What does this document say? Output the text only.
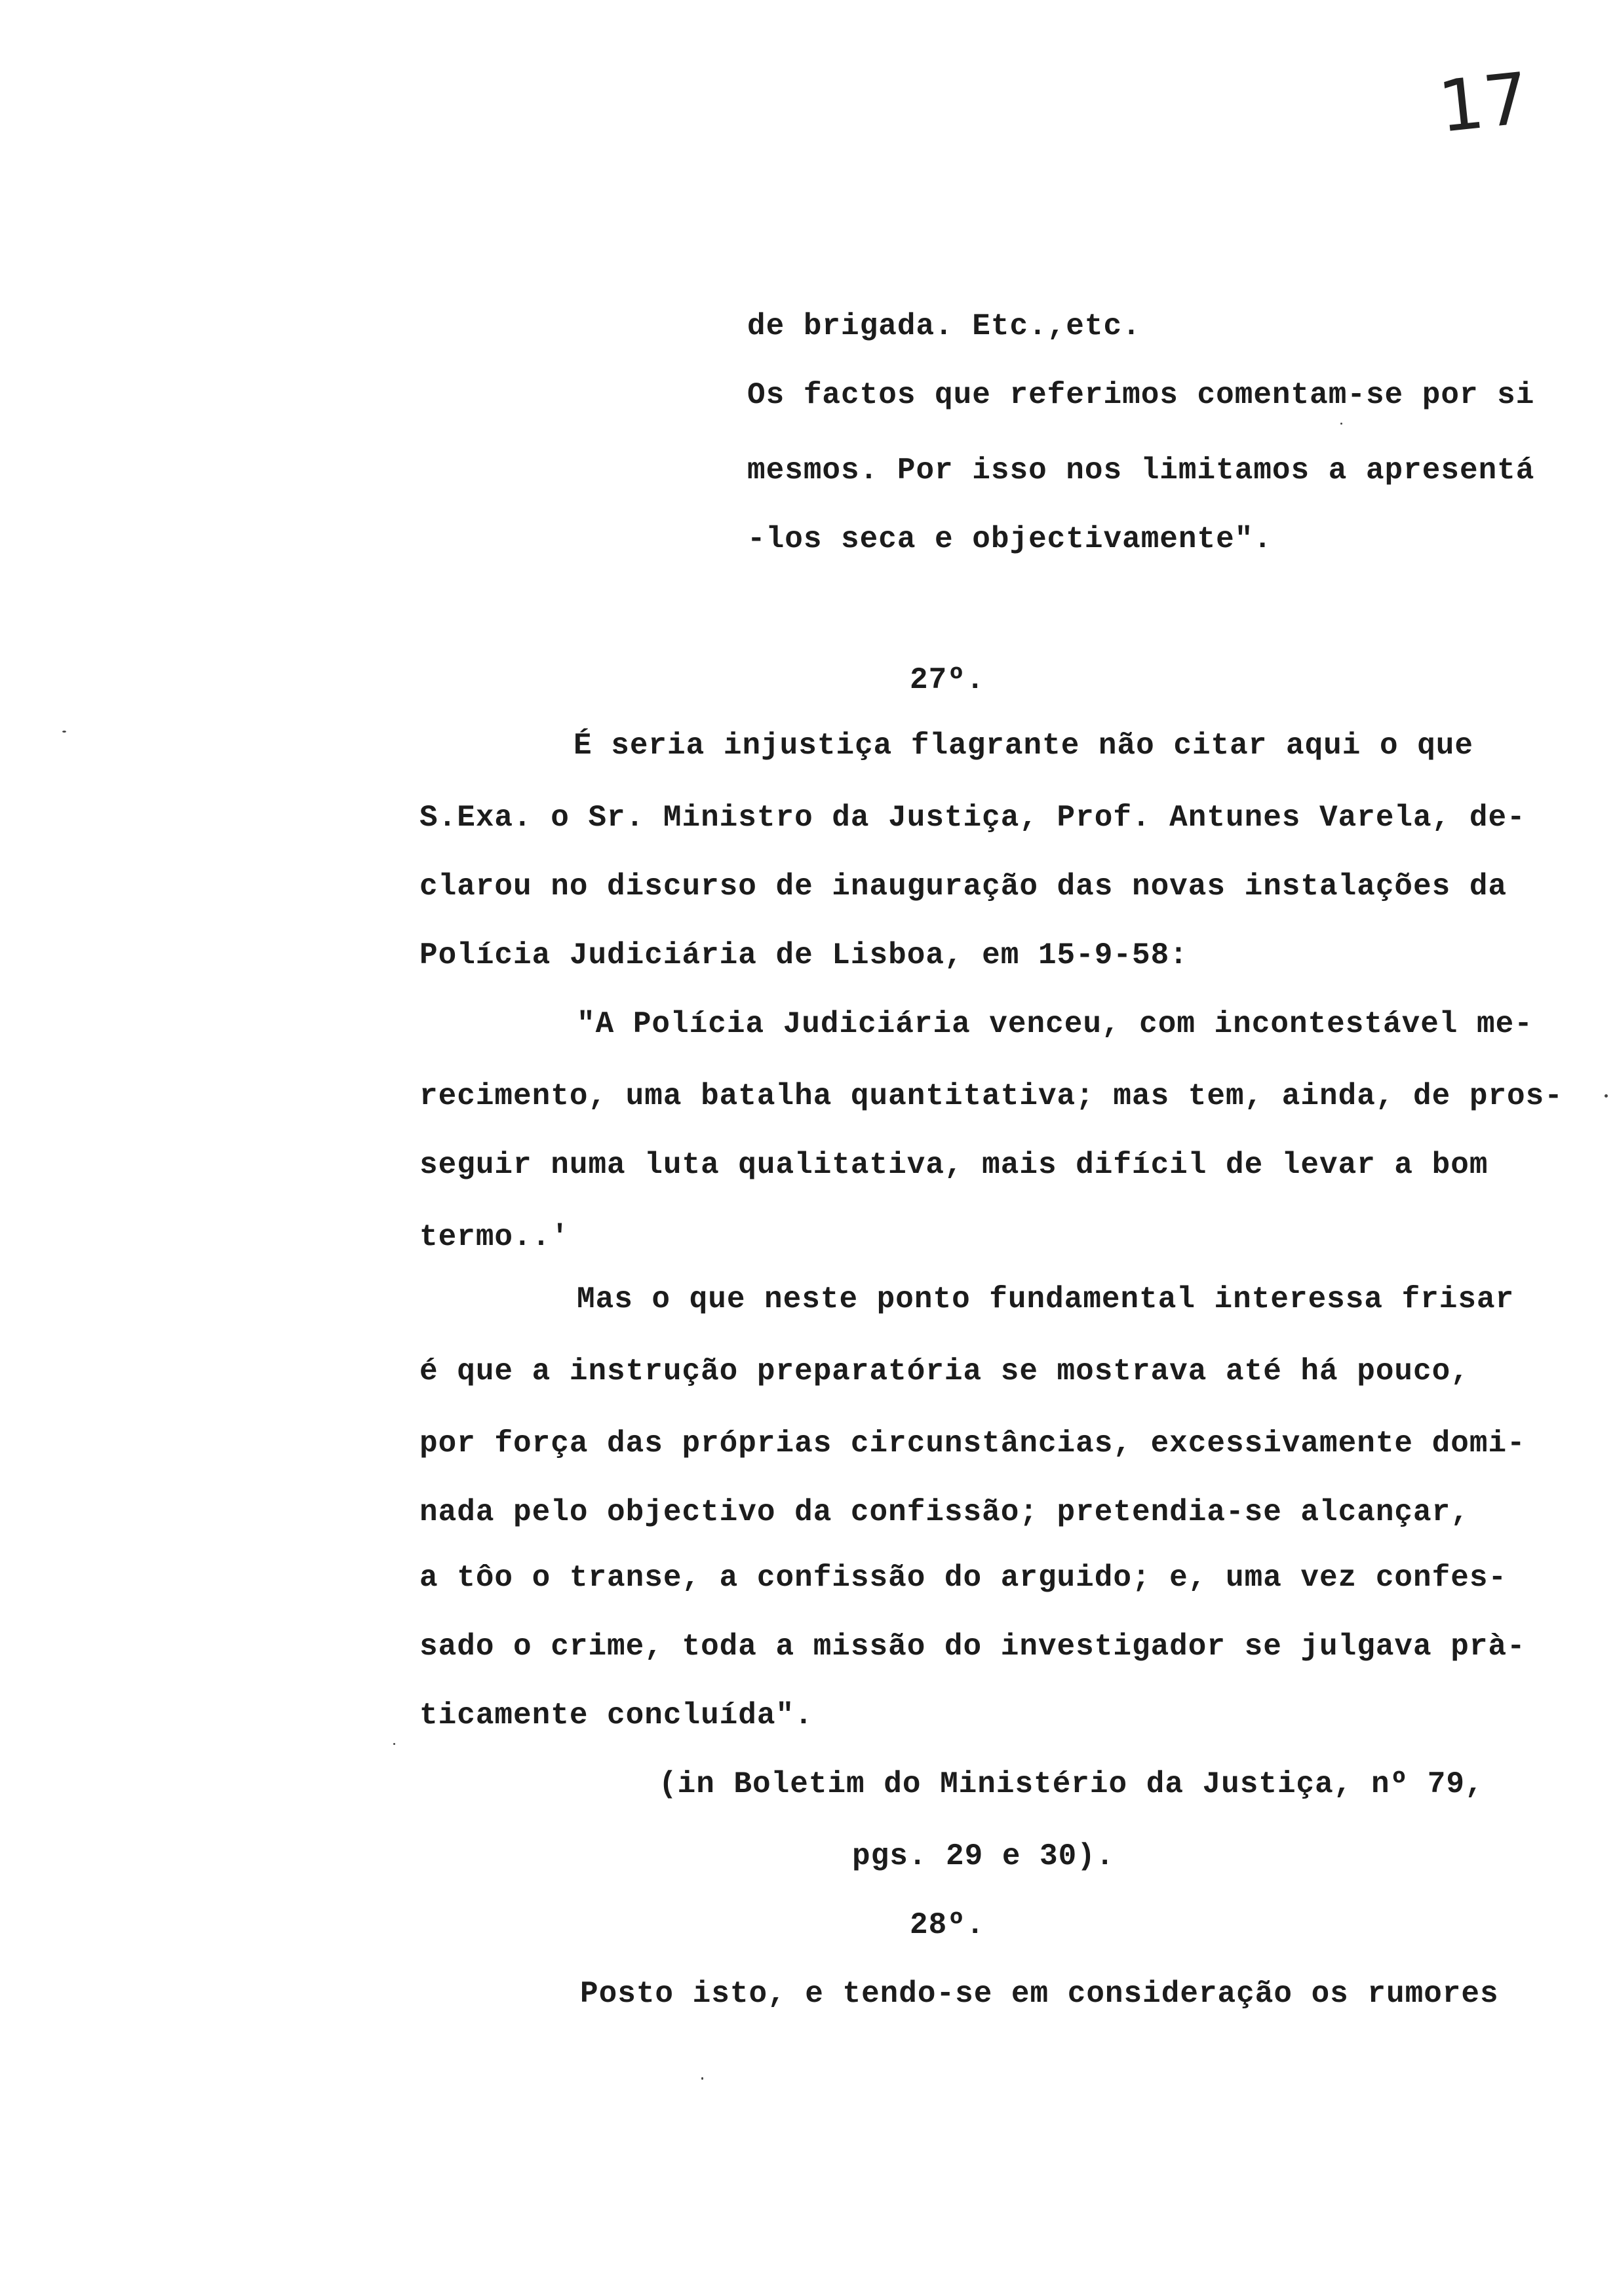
17
de brigada. Etc.,etc.
Os factos que referimos comentam-se por si
mesmos. Por isso nos limitamos a apresentá
-los seca e objectivamente".
27º.
É seria injustiça flagrante não citar aqui o que
S.Exa. o Sr. Ministro da Justiça, Prof. Antunes Varela, de-
clarou no discurso de inauguração das novas instalações da
Polícia Judiciária de Lisboa, em 15-9-58:
"A Polícia Judiciária venceu, com incontestável me-
recimento, uma batalha quantitativa; mas tem, ainda, de pros-
seguir numa luta qualitativa, mais difícil de levar a bom
termo..'
Mas o que neste ponto fundamental interessa frisar
é que a instrução preparatória se mostrava até há pouco,
por força das próprias circunstâncias, excessivamente domi-
nada pelo objectivo da confissão; pretendia-se alcançar,
a tôo o transe, a confissão do arguido; e, uma vez confes-
sado o crime, toda a missão do investigador se julgava prà-
ticamente concluída".
(in Boletim do Ministério da Justiça, nº 79,
pgs. 29 e 30).
28º.
Posto isto, e tendo-se em consideração os rumores
